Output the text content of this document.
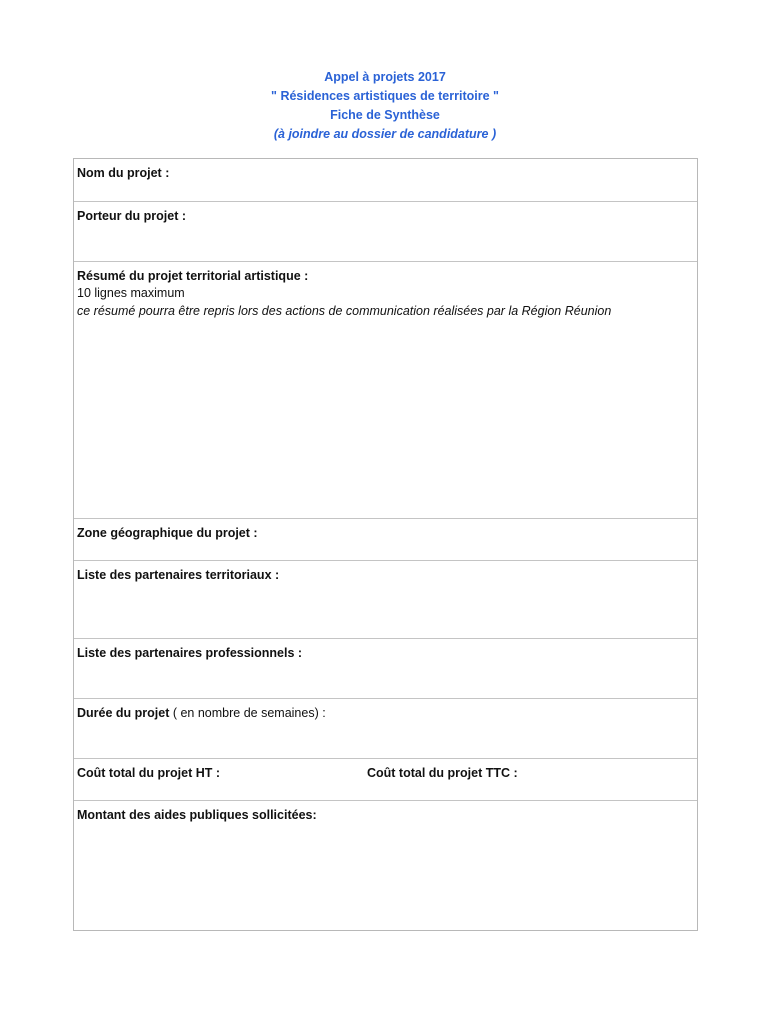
Appel à projets 2017
" Résidences artistiques de territoire "
Fiche de Synthèse
(à joindre au dossier de candidature )
Nom du projet :
Porteur du projet :
Résumé du projet territorial artistique :
10 lignes maximum
ce résumé pourra être repris lors des actions de communication réalisées par la Région Réunion
Zone géographique du projet :
Liste des partenaires territoriaux :
Liste des partenaires professionnels :
Durée du projet ( en nombre de semaines) :
Coût total du projet HT :	Coût total du projet TTC :
Montant des aides publiques sollicitées:
